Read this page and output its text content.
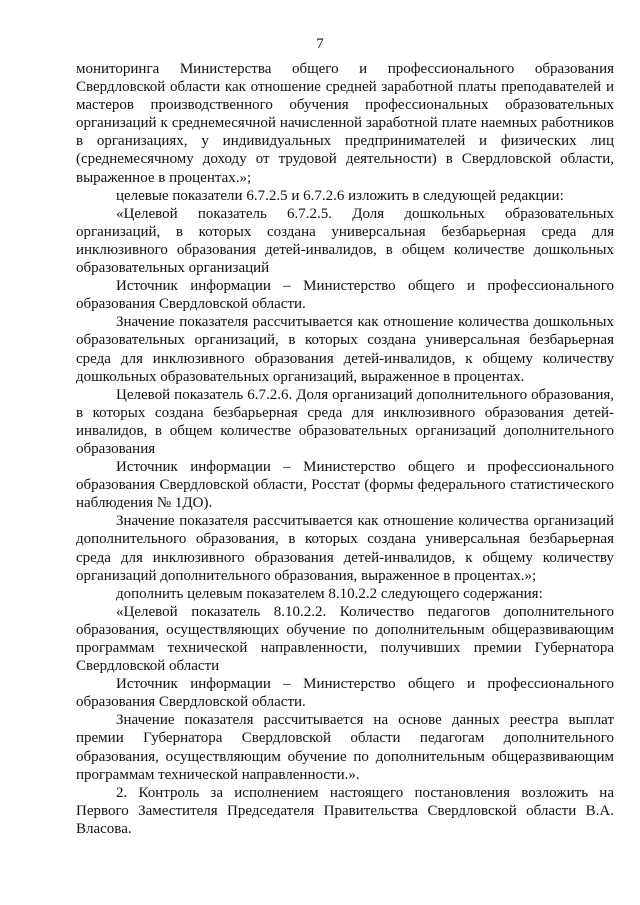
7

мониторинга Министерства общего и профессионального образования Свердловской области как отношение средней заработной платы преподавателей и мастеров производственного обучения профессиональных образовательных организаций к среднемесячной начисленной заработной плате наемных работников в организациях, у индивидуальных предпринимателей и физических лиц (среднемесячному доходу от трудовой деятельности) в Свердловской области, выраженное в процентах.»;

целевые показатели 6.7.2.5 и 6.7.2.6 изложить в следующей редакции:

«Целевой показатель 6.7.2.5. Доля дошкольных образовательных организаций, в которых создана универсальная безбарьерная среда для инклюзивного образования детей-инвалидов, в общем количестве дошкольных образовательных организаций

Источник информации – Министерство общего и профессионального образования Свердловской области.

Значение показателя рассчитывается как отношение количества дошкольных образовательных организаций, в которых создана универсальная безбарьерная среда для инклюзивного образования детей-инвалидов, к общему количеству дошкольных образовательных организаций, выраженное в процентах.

Целевой показатель 6.7.2.6. Доля организаций дополнительного образования, в которых создана безбарьерная среда для инклюзивного образования детей-инвалидов, в общем количестве образовательных организаций дополнительного образования

Источник информации – Министерство общего и профессионального образования Свердловской области, Росстат (формы федерального статистического наблюдения № 1ДО).

Значение показателя рассчитывается как отношение количества организаций дополнительного образования, в которых создана универсальная безбарьерная среда для инклюзивного образования детей-инвалидов, к общему количеству организаций дополнительного образования, выраженное в процентах.»;

дополнить целевым показателем 8.10.2.2 следующего содержания:

«Целевой показатель 8.10.2.2. Количество педагогов дополнительного образования, осуществляющих обучение по дополнительным общеразвивающим программам технической направленности, получивших премии Губернатора Свердловской области

Источник информации – Министерство общего и профессионального образования Свердловской области.

Значение показателя рассчитывается на основе данных реестра выплат премии Губернатора Свердловской области педагогам дополнительного образования, осуществляющим обучение по дополнительным общеразвивающим программам технической направленности.».

2. Контроль за исполнением настоящего постановления возложить на Первого Заместителя Председателя Правительства Свердловской области В.А. Власова.
